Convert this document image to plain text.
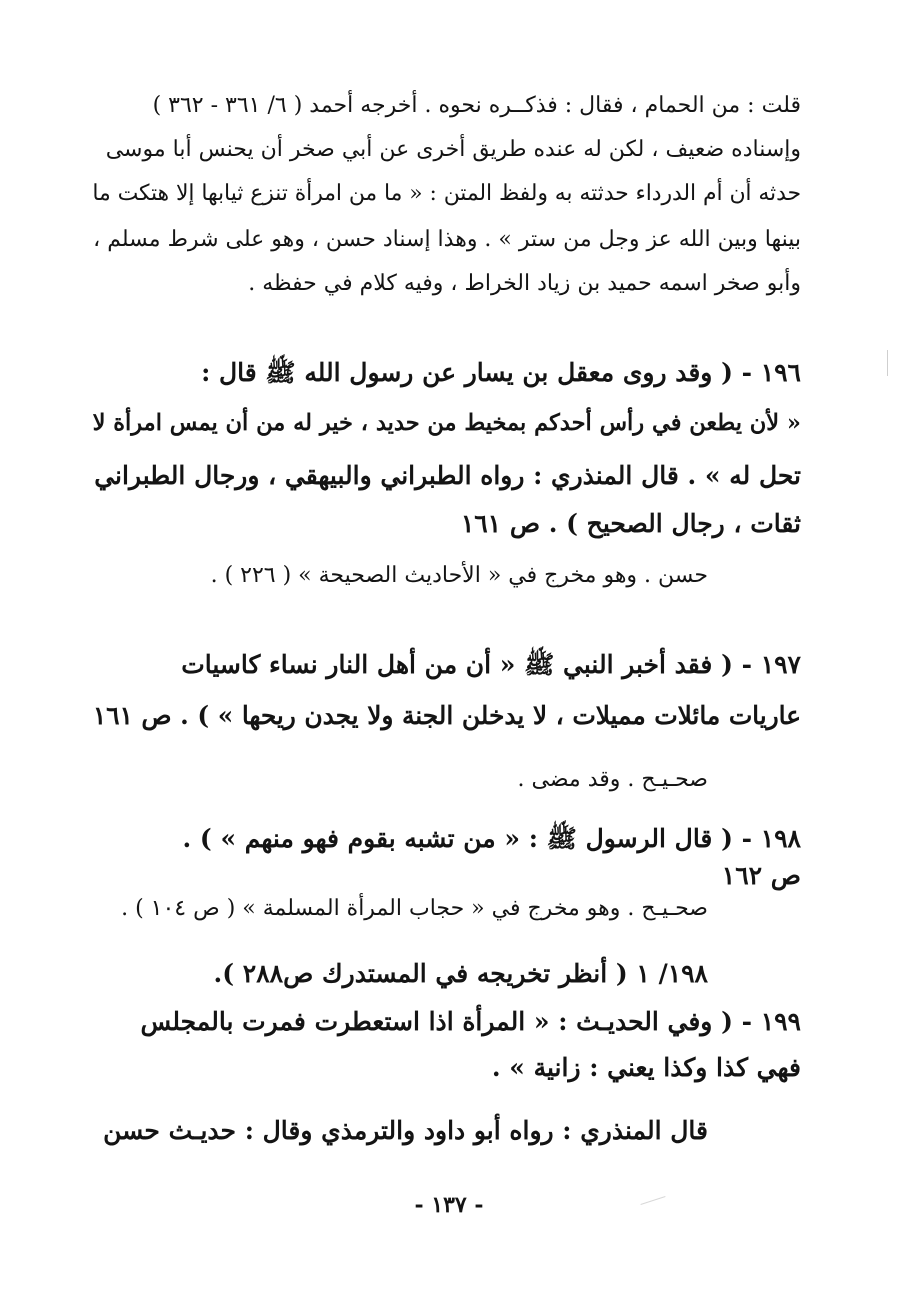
قلت : من الحمام ، فقال : فذكــره نحوه . أخرجه أحمد ( ٦/ ٣٦١ - ٣٦٢ )
وإسناده ضعيف ، لكن له عنده طريق أخرى عن أبي صخر أن يحنس أبا موسى
حدثه أن أم الدرداء حدثته به ولفظ المتن : « ما من امرأة تنزع ثيابها إلا هتكت ما
بينها وبين الله عز وجل من ستر » . وهذا إسناد حسن ، وهو على شرط مسلم ،
وأبو صخر اسمه حميد بن زياد الخراط ، وفيه كلام في حفظه .
١٩٦ - ( وقد روى معقل بن يسار عن رسول الله ﷺ قال :
« لأن يطعن في رأس أحدكم بمخيط من حديد ، خير له من أن يمس امرأة لا
تحل له » . قال المنذري : رواه الطبراني والبيهقي ، ورجال الطبراني
ثقات ، رجال الصحيح ) . ص ١٦١
حسن . وهو مخرج في « الأحاديث الصحيحة » ( ٢٢٦ ) .
١٩٧ - ( فقد أخبر النبي ﷺ « أن من أهل النار نساء كاسيات
عاريات مائلات مميلات ، لا يدخلن الجنة ولا يجدن ريحها » ) . ص ١٦١
صحـيـح . وقد مضى .
١٩٨ - ( قال الرسول ﷺ : « من تشبه بقوم فهو منهم » ) .
ص ١٦٢
صحـيـح . وهو مخرج في « حجاب المرأة المسلمة » ( ص ١٠٤ ) .
١٩٨/ ١ ( أنظر تخريجه في المستدرك ص٢٨٨ ).
١٩٩ - ( وفي الحديـث : « المرأة اذا استعطرت فمرت بالمجلس
فهي كذا وكذا يعني : زانية » .
قال المنذري : رواه أبو داود والترمذي وقال : حديـث حسن
- ١٣٧ -
